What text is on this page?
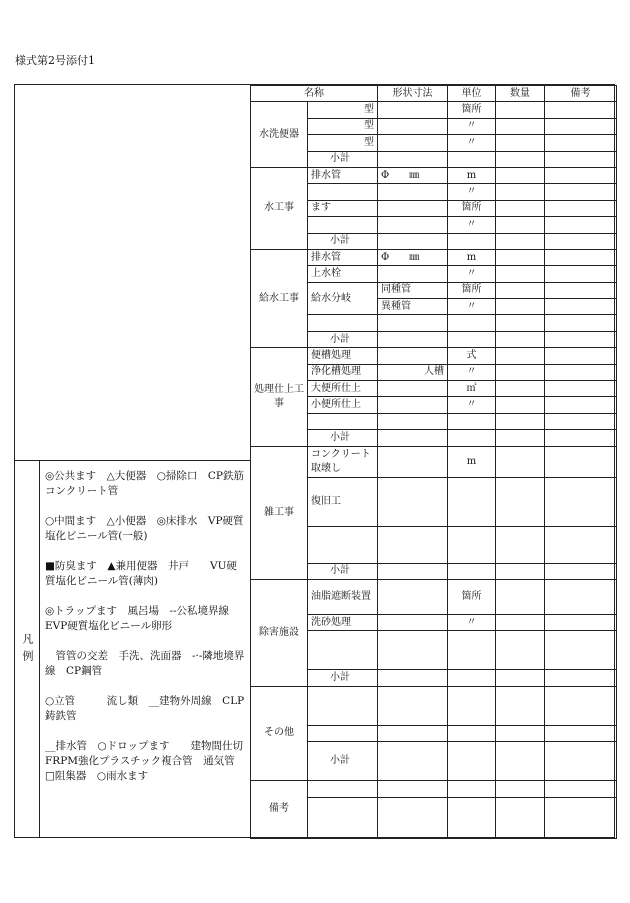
様式第2号添付1
凡例

◎公共ます　△大便器　○掃除口　CP鉄筋コンクリート管

○中間ます　△小便器　◎床排水　VP硬質塩化ビニール管(一般)

■防臭ます　▲兼用便器　井戸　　VU硬質塩化ビニール管(薄肉)

◎トラップます　風呂場　--公私境界線　EVP硬質塩化ビニール卵形

　管管の交差　手洗、洗面器　-·-隣地境界線　CP鋼管

○立管　　　流し類　__建物外周線　CLP鋳鉄管

__排水管　○ドロップます　　建物間仕切　FRPM強化プラスチック複合管　通気管　□阻集器　○雨水ます

名称		形状寸法	単位	数量	備考
水洗便器	型		箇所		
	型		〃		
	型		〃		
	小計				
水工事	排水管	Φ　　㎜	m		
			〃		
	ます		箇所		
			〃		
	小計				
給水工事	排水管	Φ　　㎜	m		
	上水栓		〃		
	給水分岐	同種管	箇所		
		異種管	〃		

	小計				
処理仕上工事	便槽処理		式		
	浄化槽処理	人槽	〃		
	大便所仕上		㎡		
	小便所仕上		〃		

	小計				
雑工事	コンクリート取壊し		m		
	復旧工				

	小計				
除害施設	油脂遮断装置		箇所		
	洗砂処理		〃		

	小計				
その他					

	小計				
備考					
